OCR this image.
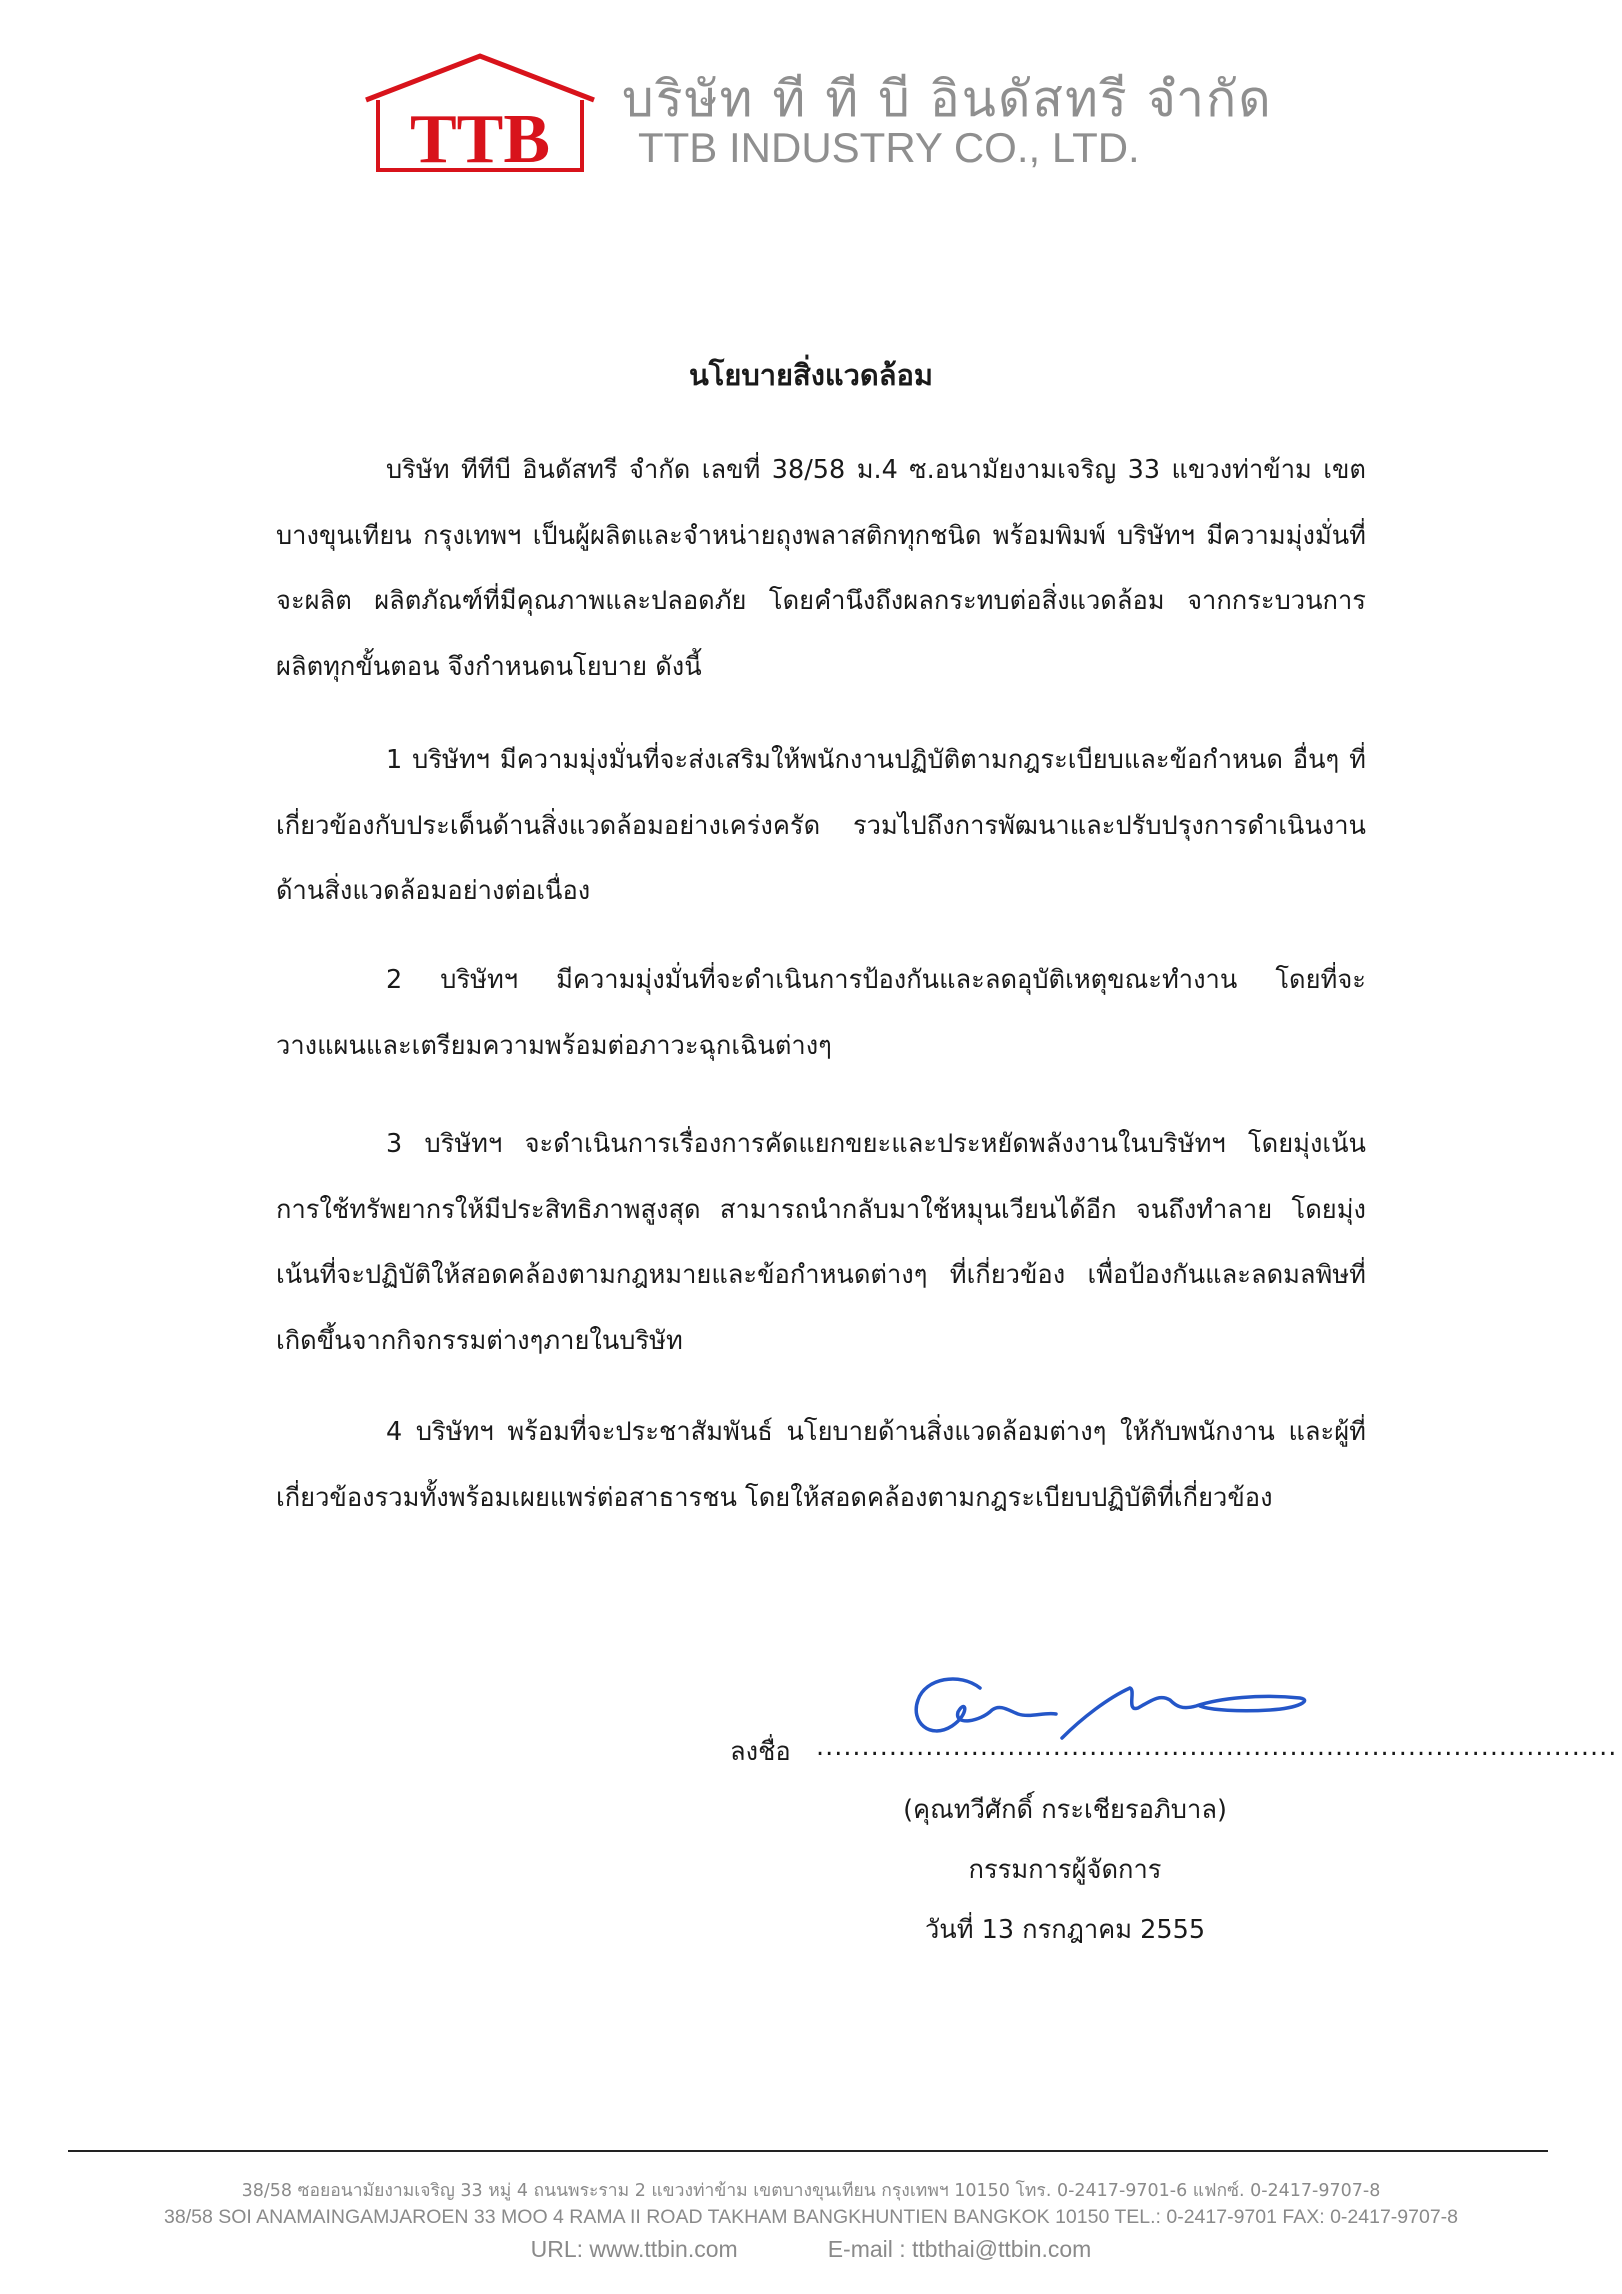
TTB
บริษัท ที ที บี อินดัสทรี จำกัด
TTB INDUSTRY CO., LTD.
นโยบายสิ่งแวดล้อม
บริษัท ทีทีบี อินดัสทรี จำกัด เลขที่ 38/58 ม.4 ซ.อนามัยงามเจริญ 33 แขวงท่าข้าม เขตบางขุนเทียน กรุงเทพฯ เป็นผู้ผลิตและจำหน่ายถุงพลาสติกทุกชนิด พร้อมพิมพ์ บริษัทฯ มีความมุ่งมั่นที่จะผลิต ผลิตภัณฑ์ที่มีคุณภาพและปลอดภัย โดยคำนึงถึงผลกระทบต่อสิ่งแวดล้อม จากกระบวนการผลิตทุกขั้นตอน จึงกำหนดนโยบาย ดังนี้
1 บริษัทฯ มีความมุ่งมั่นที่จะส่งเสริมให้พนักงานปฏิบัติตามกฎระเบียบและข้อกำหนด อื่นๆ ที่เกี่ยวข้องกับประเด็นด้านสิ่งแวดล้อมอย่างเคร่งครัด รวมไปถึงการพัฒนาและปรับปรุงการดำเนินงานด้านสิ่งแวดล้อมอย่างต่อเนื่อง
2 บริษัทฯ มีความมุ่งมั่นที่จะดำเนินการป้องกันและลดอุบัติเหตุขณะทำงาน โดยที่จะวางแผนและเตรียมความพร้อมต่อภาวะฉุกเฉินต่างๆ
3 บริษัทฯ จะดำเนินการเรื่องการคัดแยกขยะและประหยัดพลังงานในบริษัทฯ โดยมุ่งเน้นการใช้ทรัพยากรให้มีประสิทธิภาพสูงสุด สามารถนำกลับมาใช้หมุนเวียนได้อีก จนถึงทำลาย โดยมุ่งเน้นที่จะปฏิบัติให้สอดคล้องตามกฎหมายและข้อกำหนดต่างๆ ที่เกี่ยวข้อง เพื่อป้องกันและลดมลพิษที่เกิดขึ้นจากกิจกรรมต่างๆภายในบริษัท
4 บริษัทฯ พร้อมที่จะประชาสัมพันธ์ นโยบายด้านสิ่งแวดล้อมต่างๆ ให้กับพนักงาน และผู้ที่เกี่ยวข้องรวมทั้งพร้อมเผยแพร่ต่อสาธารชน โดยให้สอดคล้องตามกฎระเบียบปฏิบัติที่เกี่ยวข้อง
ลงชื่อ ........................................................................................
(คุณทวีศักดิ์ กระเชียรอภิบาล)
กรรมการผู้จัดการ
วันที่ 13 กรกฎาคม 2555
38/58 ซอยอนามัยงามเจริญ 33 หมู่ 4 ถนนพระราม 2 แขวงท่าข้าม เขตบางขุนเทียน กรุงเทพฯ 10150 โทร. 0-2417-9701-6 แฟกซ์. 0-2417-9707-8
38/58 SOI ANAMAINGAMJAROEN 33 MOO 4 RAMA II ROAD TAKHAM BANGKHUNTIEN BANGKOK 10150 TEL.: 0-2417-9701 FAX: 0-2417-9707-8
URL: www.ttbin.com	E-mail : ttbthai@ttbin.com
